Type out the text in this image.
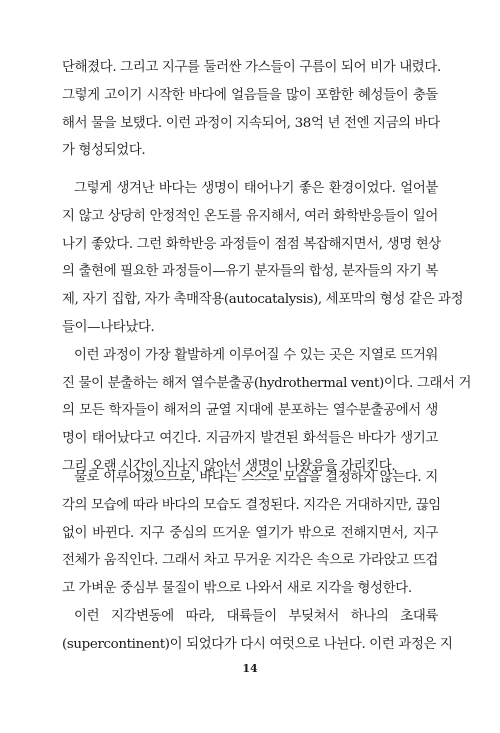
단해졌다. 그리고 지구를 둘러싼 가스들이 구름이 되어 비가 내렸다.
그렇게 고이기 시작한 바다에 얼음들을 많이 포함한 혜성들이 충돌
해서 물을 보탰다. 이런 과정이 지속되어, 38억 년 전엔 지금의 바다
가 형성되었다.
그렇게 생겨난 바다는 생명이 태어나기 좋은 환경이었다. 얼어붙
지 않고 상당히 안정적인 온도를 유지해서, 여러 화학반응들이 일어
나기 좋았다. 그런 화학반응 과정들이 점점 복잡해지면서, 생명 현상
의 출현에 필요한 과정들이—유기 분자들의 합성, 분자들의 자기 복
제, 자기 집합, 자가 촉매작용(autocatalysis), 세포막의 형성 같은 과정
들이—나타났다.
이런 과정이 가장 활발하게 이루어질 수 있는 곳은 지열로 뜨거워
진 물이 분출하는 해저 열수분출공(hydrothermal vent)이다. 그래서 거
의 모든 학자들이 해저의 균열 지대에 분포하는 열수분출공에서 생
명이 태어났다고 여긴다. 지금까지 발견된 화석들은 바다가 생기고
그리 오랜 시간이 지나지 않아서 생명이 나왔음을 가리킨다.
물로 이루어졌으므로, 바다는 스스로 모습을 결정하지 않는다. 지
각의 모습에 따라 바다의 모습도 결정된다. 지각은 거대하지만, 끊임
없이 바뀐다. 지구 중심의 뜨거운 열기가 밖으로 전해지면서, 지구
전체가 움직인다. 그래서 차고 무거운 지각은 속으로 가라앉고 뜨겁
고 가벼운 중심부 물질이 밖으로 나와서 새로 지각을 형성한다.
이런 지각변동에 따라, 대륙들이 부딪쳐서 하나의 초대륙
(supercontinent)이 되었다가 다시 여럿으로 나뉜다. 이런 과정은 지
14
